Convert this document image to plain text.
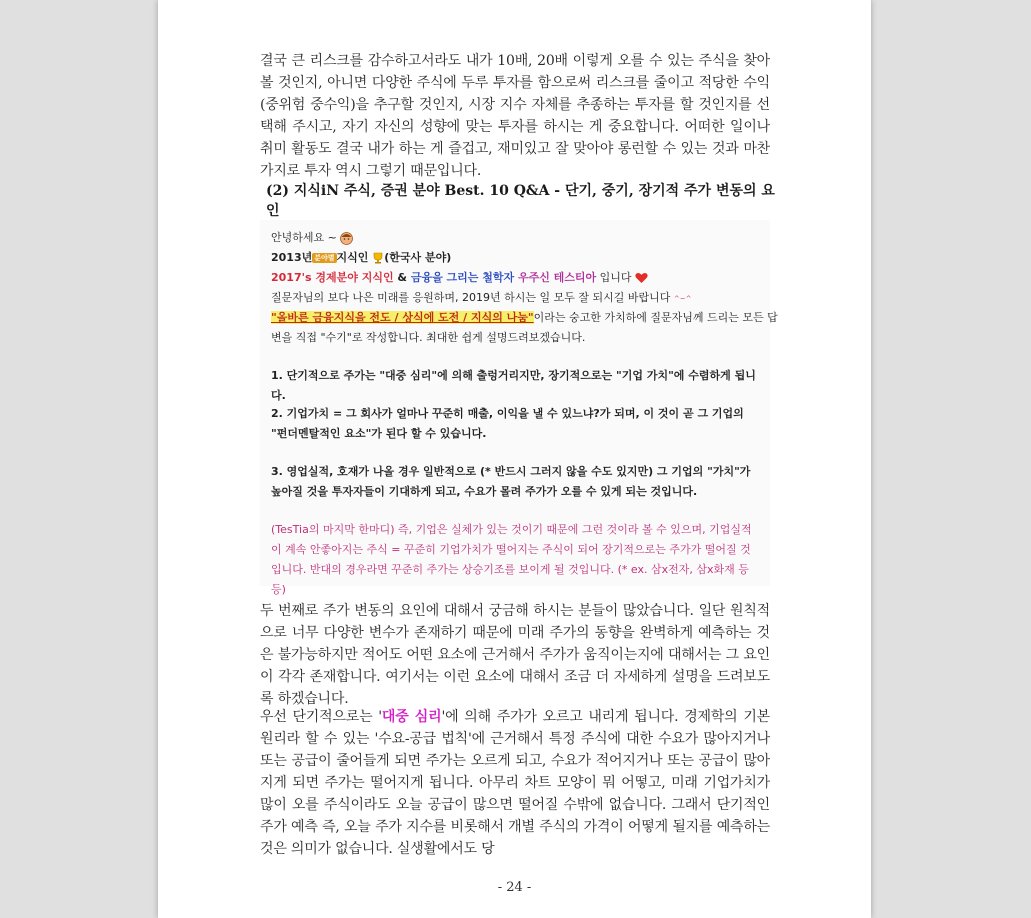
결국 큰 리스크를 감수하고서라도 내가 10배, 20배 이렇게 오를 수 있는 주식을 찾아볼 것인지, 아니면 다양한 주식에 두루 투자를 함으로써 리스크를 줄이고 적당한 수익(중위험 중수익)을 추구할 것인지, 시장 지수 자체를 추종하는 투자를 할 것인지를 선택해 주시고, 자기 자신의 성향에 맞는 투자를 하시는 게 중요합니다. 어떠한 일이나 취미 활동도 결국 내가 하는 게 즐겁고, 재미있고 잘 맞아야 롱런할 수 있는 것과 마찬가지로 투자 역시 그렇기 때문입니다.

(2) 지식iN 주식, 증권 분야 Best. 10 Q&A - 단기, 중기, 장기적 주가 변동의 요인

안녕하세요 ~
2013년 분야별 지식인 (한국사 분야)
2017's 경제분야 지식인 & 금융을 그리는 철학자 우주신 테스티아 입니다
질문자님의 보다 나은 미래를 응원하며, 2019년 하시는 일 모두 잘 되시길 바랍니다 ^~^
"올바른 금융지식을 전도 / 상식에 도전 / 지식의 나눔"이라는 숭고한 가치하에 질문자님께 드리는 모든 답
변을 직접 "수기"로 작성합니다. 최대한 쉽게 설명드려보겠습니다.
1. 단기적으로 주가는 "대중 심리"에 의해 출렁거리지만, 장기적으로는 "기업 가치"에 수렴하게 됩니다.
2. 기업가치 = 그 회사가 얼마나 꾸준히 매출, 이익을 낼 수 있느냐?가 되며, 이 것이 곧 그 기업의 "펀더멘탈적인 요소"가 된다 할 수 있습니다.
3. 영업실적, 호재가 나올 경우 일반적으로 (* 반드시 그러지 않을 수도 있지만) 그 기업의 "가치"가 높아질 것을 투자자들이 기대하게 되고, 수요가 몰려 주가가 오를 수 있게 되는 것입니다.
(TesTia의 마지막 한마디) 즉, 기업은 실체가 있는 것이기 때문에 그런 것이라 볼 수 있으며, 기업실적이 계속 안좋아지는 주식 = 꾸준히 기업가치가 떨어지는 주식이 되어 장기적으로는 주가가 떨어질 것입니다. 반대의 경우라면 꾸준히 주가는 상승기조를 보이게 될 것입니다. (* ex. 삼x전자, 삼x화재 등등)

두 번째로 주가 변동의 요인에 대해서 궁금해 하시는 분들이 많았습니다. 일단 원칙적으로 너무 다양한 변수가 존재하기 때문에 미래 주가의 동향을 완벽하게 예측하는 것은 불가능하지만 적어도 어떤 요소에 근거해서 주가가 움직이는지에 대해서는 그 요인이 각각 존재합니다. 여기서는 이런 요소에 대해서 조금 더 자세하게 설명을 드려보도록 하겠습니다.

우선 단기적으로는 '대중 심리'에 의해 주가가 오르고 내리게 됩니다. 경제학의 기본 원리라 할 수 있는 '수요-공급 법칙'에 근거해서 특정 주식에 대한 수요가 많아지거나 또는 공급이 줄어들게 되면 주가는 오르게 되고, 수요가 적어지거나 또는 공급이 많아지게 되면 주가는 떨어지게 됩니다. 아무리 차트 모양이 뭐 어떻고, 미래 기업가치가 많이 오를 주식이라도 오늘 공급이 많으면 떨어질 수밖에 없습니다. 그래서 단기적인 주가 예측 즉, 오늘 주가 지수를 비롯해서 개별 주식의 가격이 어떻게 될지를 예측하는 것은 의미가 없습니다. 실생활에서도 당

- 24 -
